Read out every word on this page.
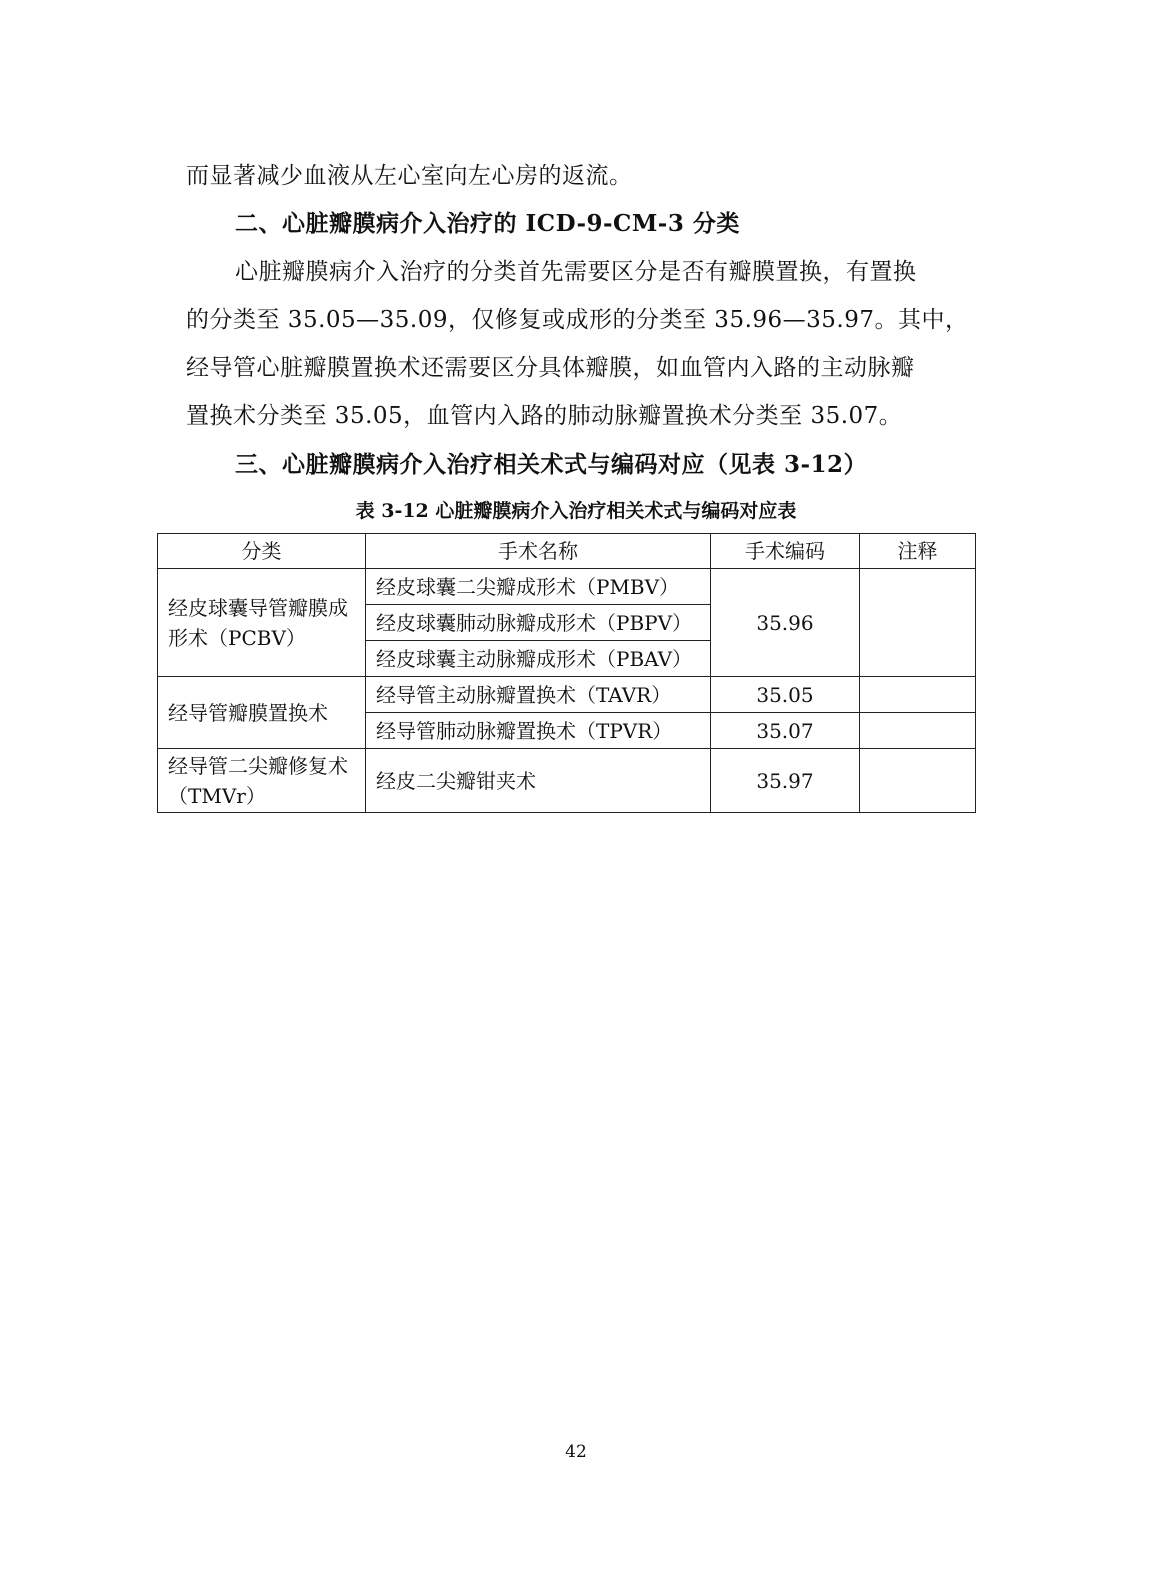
而显著减少血液从左心室向左心房的返流。
二、心脏瓣膜病介入治疗的 ICD-9-CM-3 分类
心脏瓣膜病介入治疗的分类首先需要区分是否有瓣膜置换，有置换
的分类至 35.05—35.09，仅修复或成形的分类至 35.96—35.97。其中，
经导管心脏瓣膜置换术还需要区分具体瓣膜，如血管内入路的主动脉瓣
置换术分类至 35.05，血管内入路的肺动脉瓣置换术分类至 35.07。
三、心脏瓣膜病介入治疗相关术式与编码对应（见表 3-12）
表 3-12 心脏瓣膜病介入治疗相关术式与编码对应表
分类	手术名称	手术编码	注释
经皮球囊导管瓣膜成形术（PCBV）	经皮球囊二尖瓣成形术（PMBV）	35.96	
	经皮球囊肺动脉瓣成形术（PBPV）		
	经皮球囊主动脉瓣成形术（PBAV）		
经导管瓣膜置换术	经导管主动脉瓣置换术（TAVR）	35.05	
	经导管肺动脉瓣置换术（TPVR）	35.07	
经导管二尖瓣修复术（TMVr）	经皮二尖瓣钳夹术	35.97	
42
